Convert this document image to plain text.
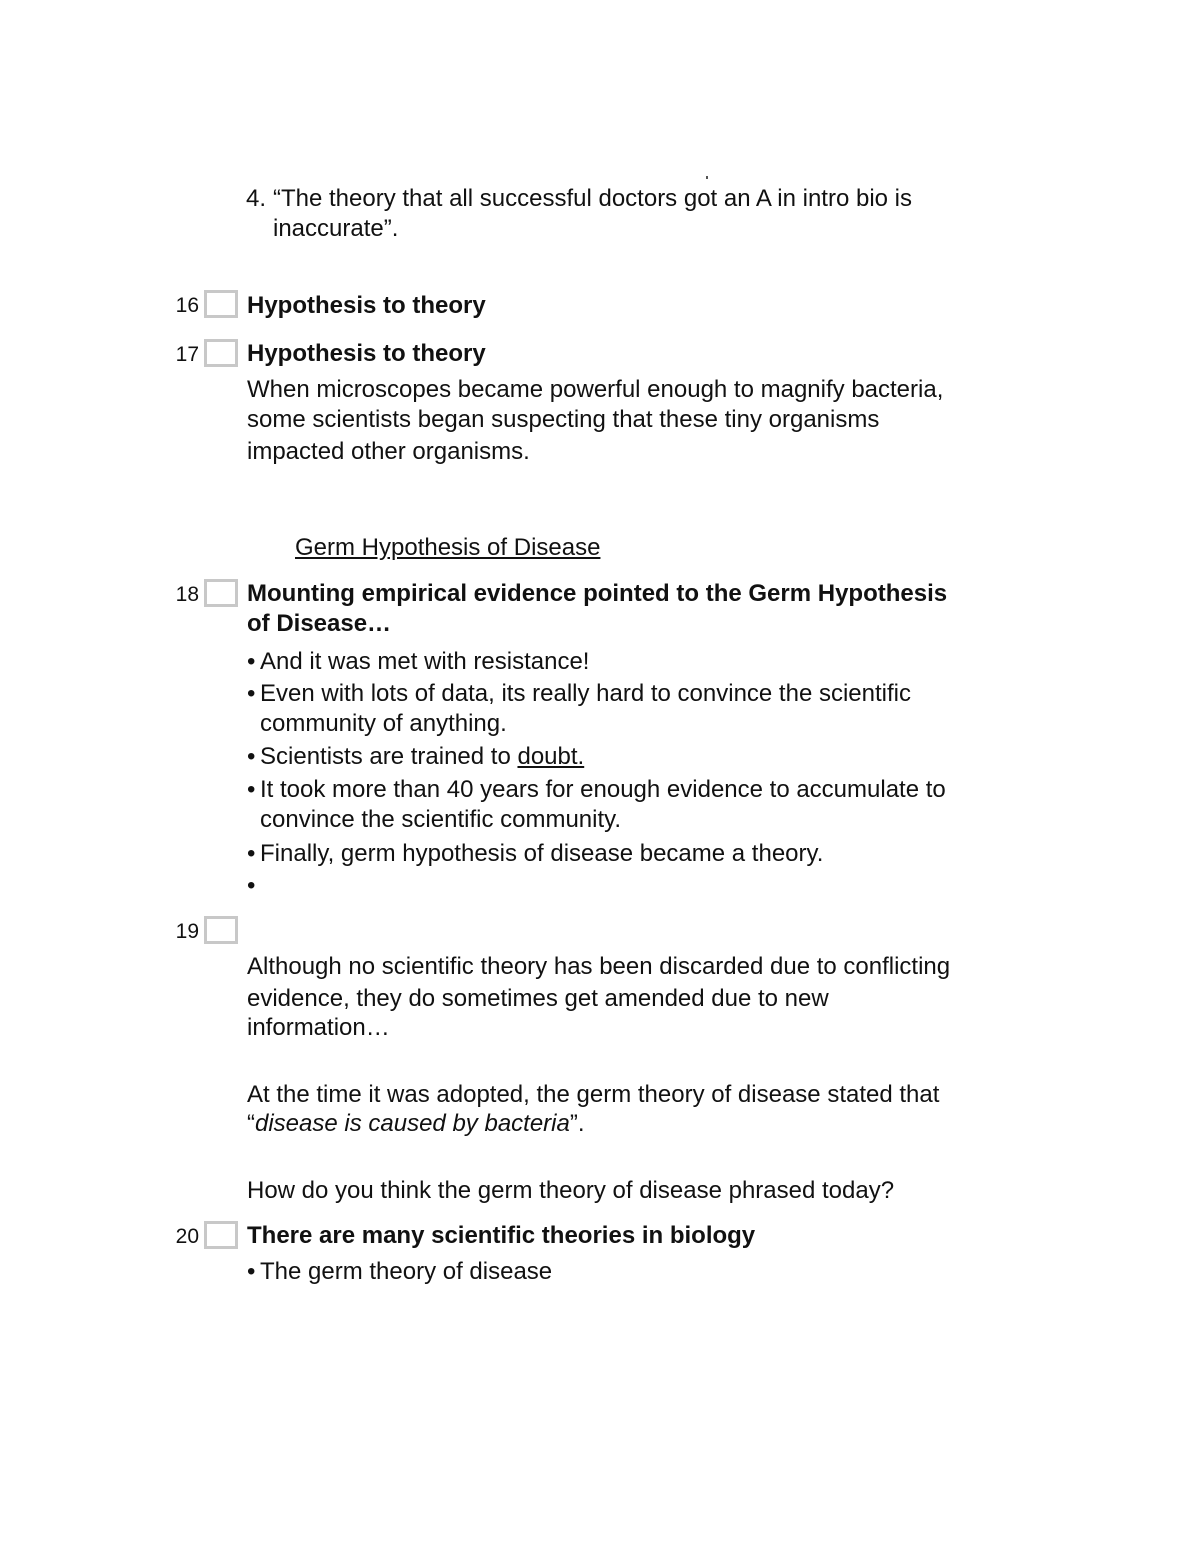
4. “The theory that all successful doctors got an A in intro bio is
inaccurate”.
16 Hypothesis to theory
17 Hypothesis to theory
When microscopes became powerful enough to magnify bacteria,
some scientists began suspecting that these tiny organisms
impacted other organisms.
Germ Hypothesis of Disease
18 Mounting empirical evidence pointed to the Germ Hypothesis
of Disease…
• And it was met with resistance!
• Even with lots of data, its really hard to convince the scientific
community of anything.
• Scientists are trained to doubt.
• It took more than 40 years for enough evidence to accumulate to
convince the scientific community.
• Finally, germ hypothesis of disease became a theory.
•
19
Although no scientific theory has been discarded due to conflicting
evidence, they do sometimes get amended due to new
information…
At the time it was adopted, the germ theory of disease stated that
“disease is caused by bacteria”.
How do you think the germ theory of disease phrased today?
20 There are many scientific theories in biology
• The germ theory of disease
